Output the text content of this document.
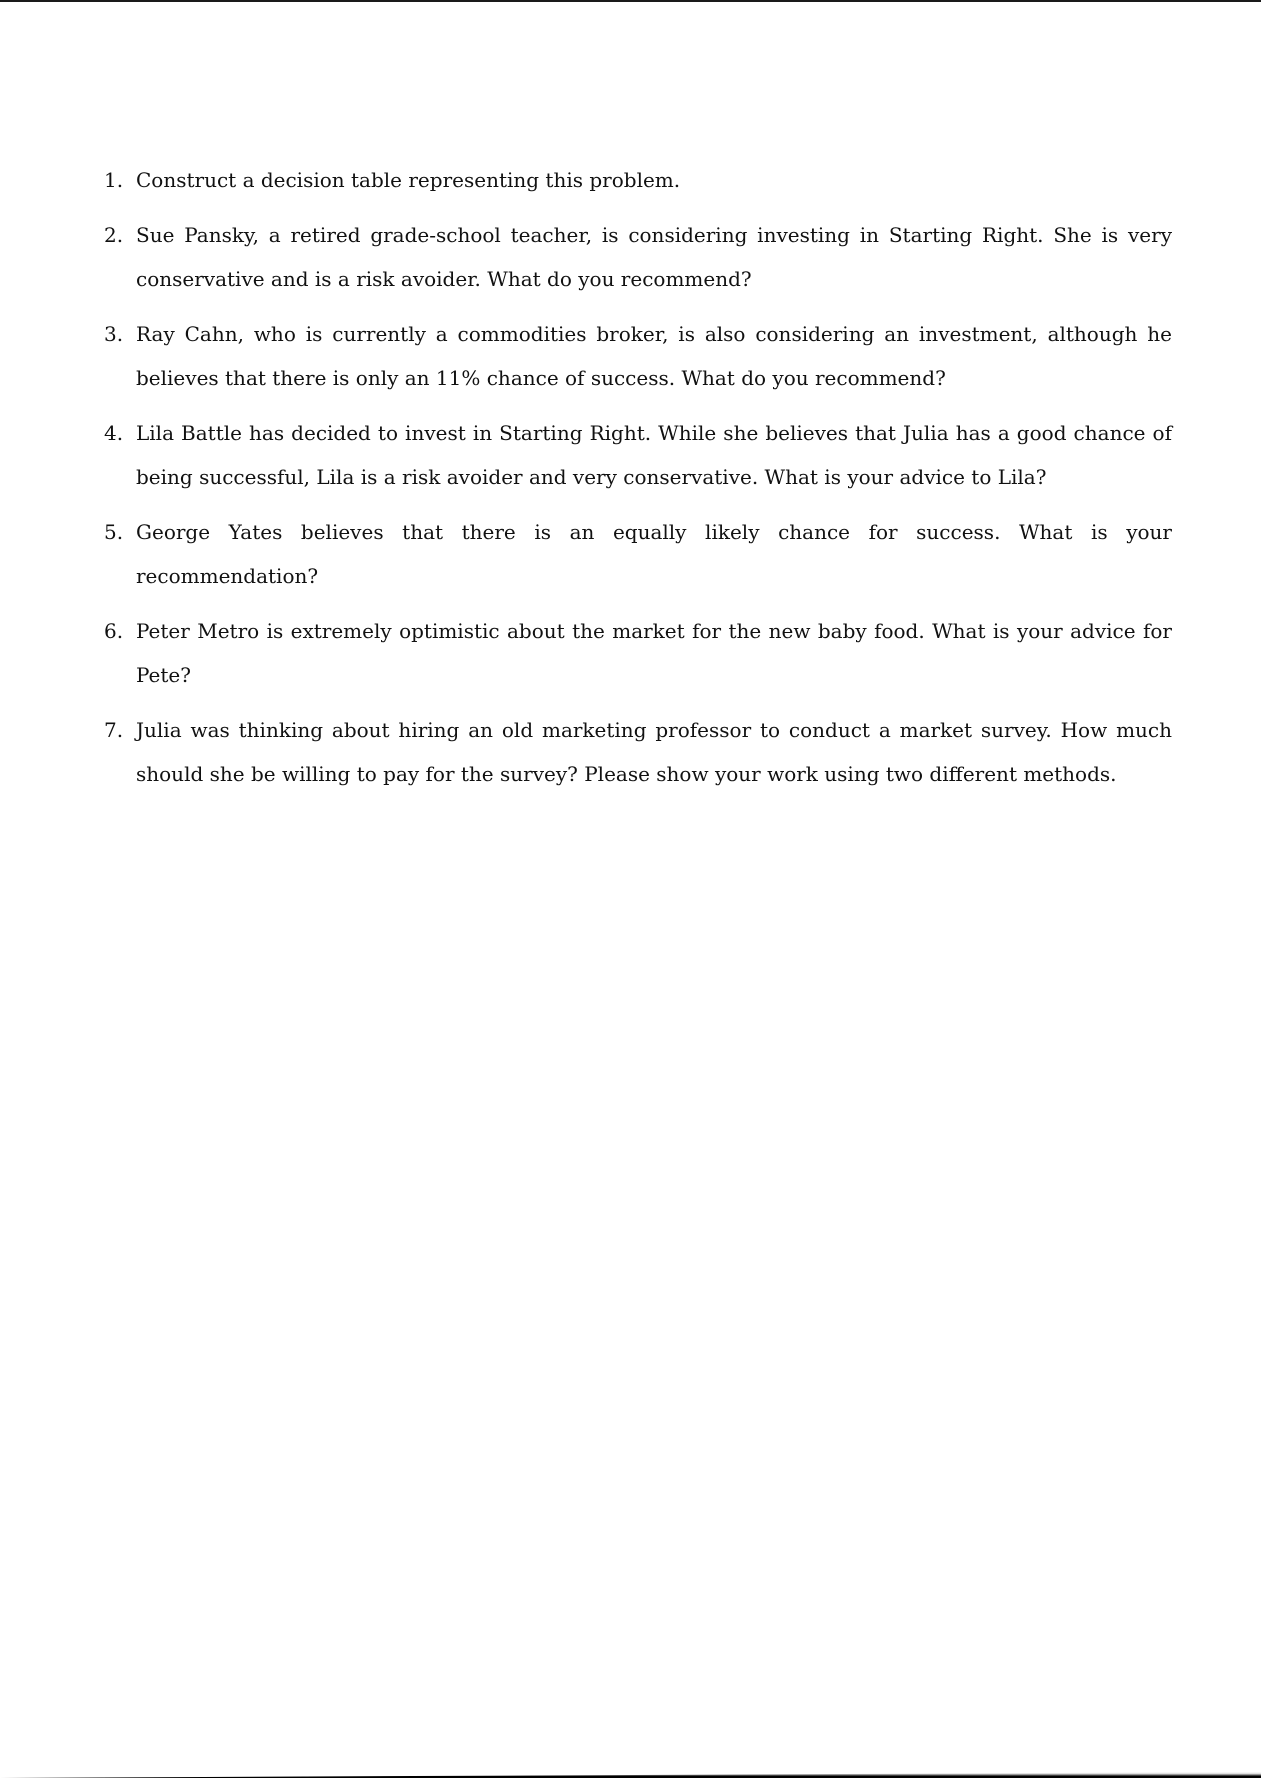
1. Construct a decision table representing this problem.
2. Sue Pansky, a retired grade-school teacher, is considering investing in Starting Right. She is very conservative and is a risk avoider. What do you recommend?
3. Ray Cahn, who is currently a commodities broker, is also considering an investment, although he believes that there is only an 11% chance of success. What do you recommend?
4. Lila Battle has decided to invest in Starting Right. While she believes that Julia has a good chance of being successful, Lila is a risk avoider and very conservative. What is your advice to Lila?
5. George Yates believes that there is an equally likely chance for success. What is your recommendation?
6. Peter Metro is extremely optimistic about the market for the new baby food. What is your advice for Pete?
7. Julia was thinking about hiring an old marketing professor to conduct a market survey. How much should she be willing to pay for the survey? Please show your work using two different methods.
